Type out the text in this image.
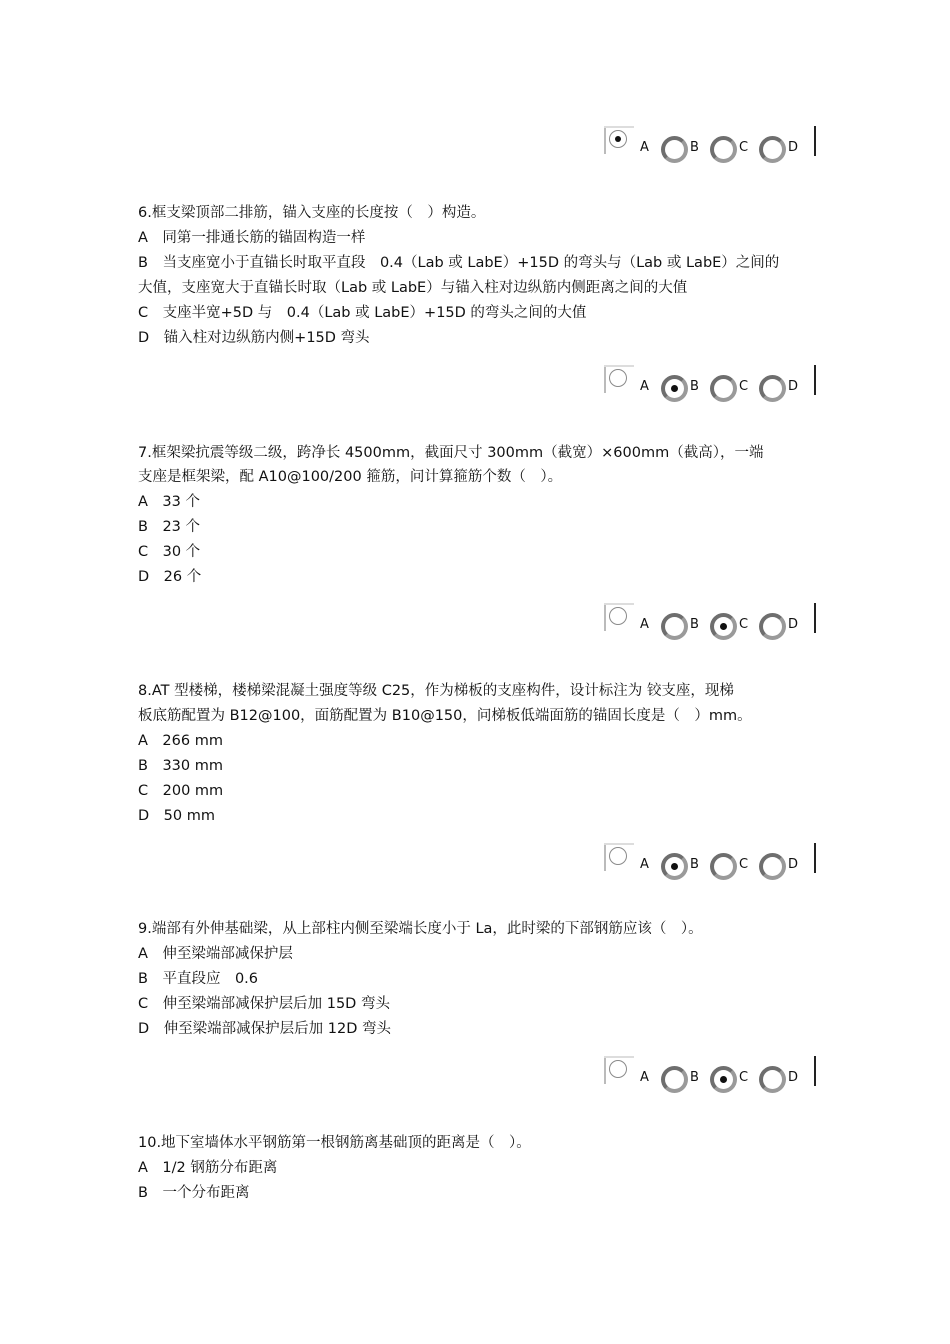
A	B	C	D
6.框支梁顶部二排筋，锚入支座的长度按（　）构造。
A　同第一排通长筋的锚固构造一样
B　当支座宽小于直锚长时取平直段　0.4（Lab 或 LabE）+15D 的弯头与（Lab 或 LabE）之间的
大值，支座宽大于直锚长时取（Lab 或 LabE）与锚入柱对边纵筋内侧距离之间的大值
C　支座半宽+5D 与　0.4（Lab 或 LabE）+15D 的弯头之间的大值
D　锚入柱对边纵筋内侧+15D 弯头
A	B	C	D
7.框架梁抗震等级二级，跨净长 4500mm，截面尺寸 300mm（截宽）×600mm（截高），一端
支座是框架梁，配 A10@100/200 箍筋，问计算箍筋个数（　）。
A　33 个
B　23 个
C　30 个
D　26 个
A	B	C	D
8.AT 型楼梯，楼梯梁混凝土强度等级 C25，作为梯板的支座构件，设计标注为 铰支座，现梯
板底筋配置为 B12@100，面筋配置为 B10@150，问梯板低端面筋的锚固长度是（　）mm。
A　266 mm
B　330 mm
C　200 mm
D　50 mm
A	B	C	D
9.端部有外伸基础梁，从上部柱内侧至梁端长度小于 La，此时梁的下部钢筋应该（　）。
A　伸至梁端部减保护层
B　平直段应　0.6
C　伸至梁端部减保护层后加 15D 弯头
D　伸至梁端部减保护层后加 12D 弯头
A	B	C	D
10.地下室墙体水平钢筋第一根钢筋离基础顶的距离是（　）。
A　1/2 钢筋分布距离
B　一个分布距离
